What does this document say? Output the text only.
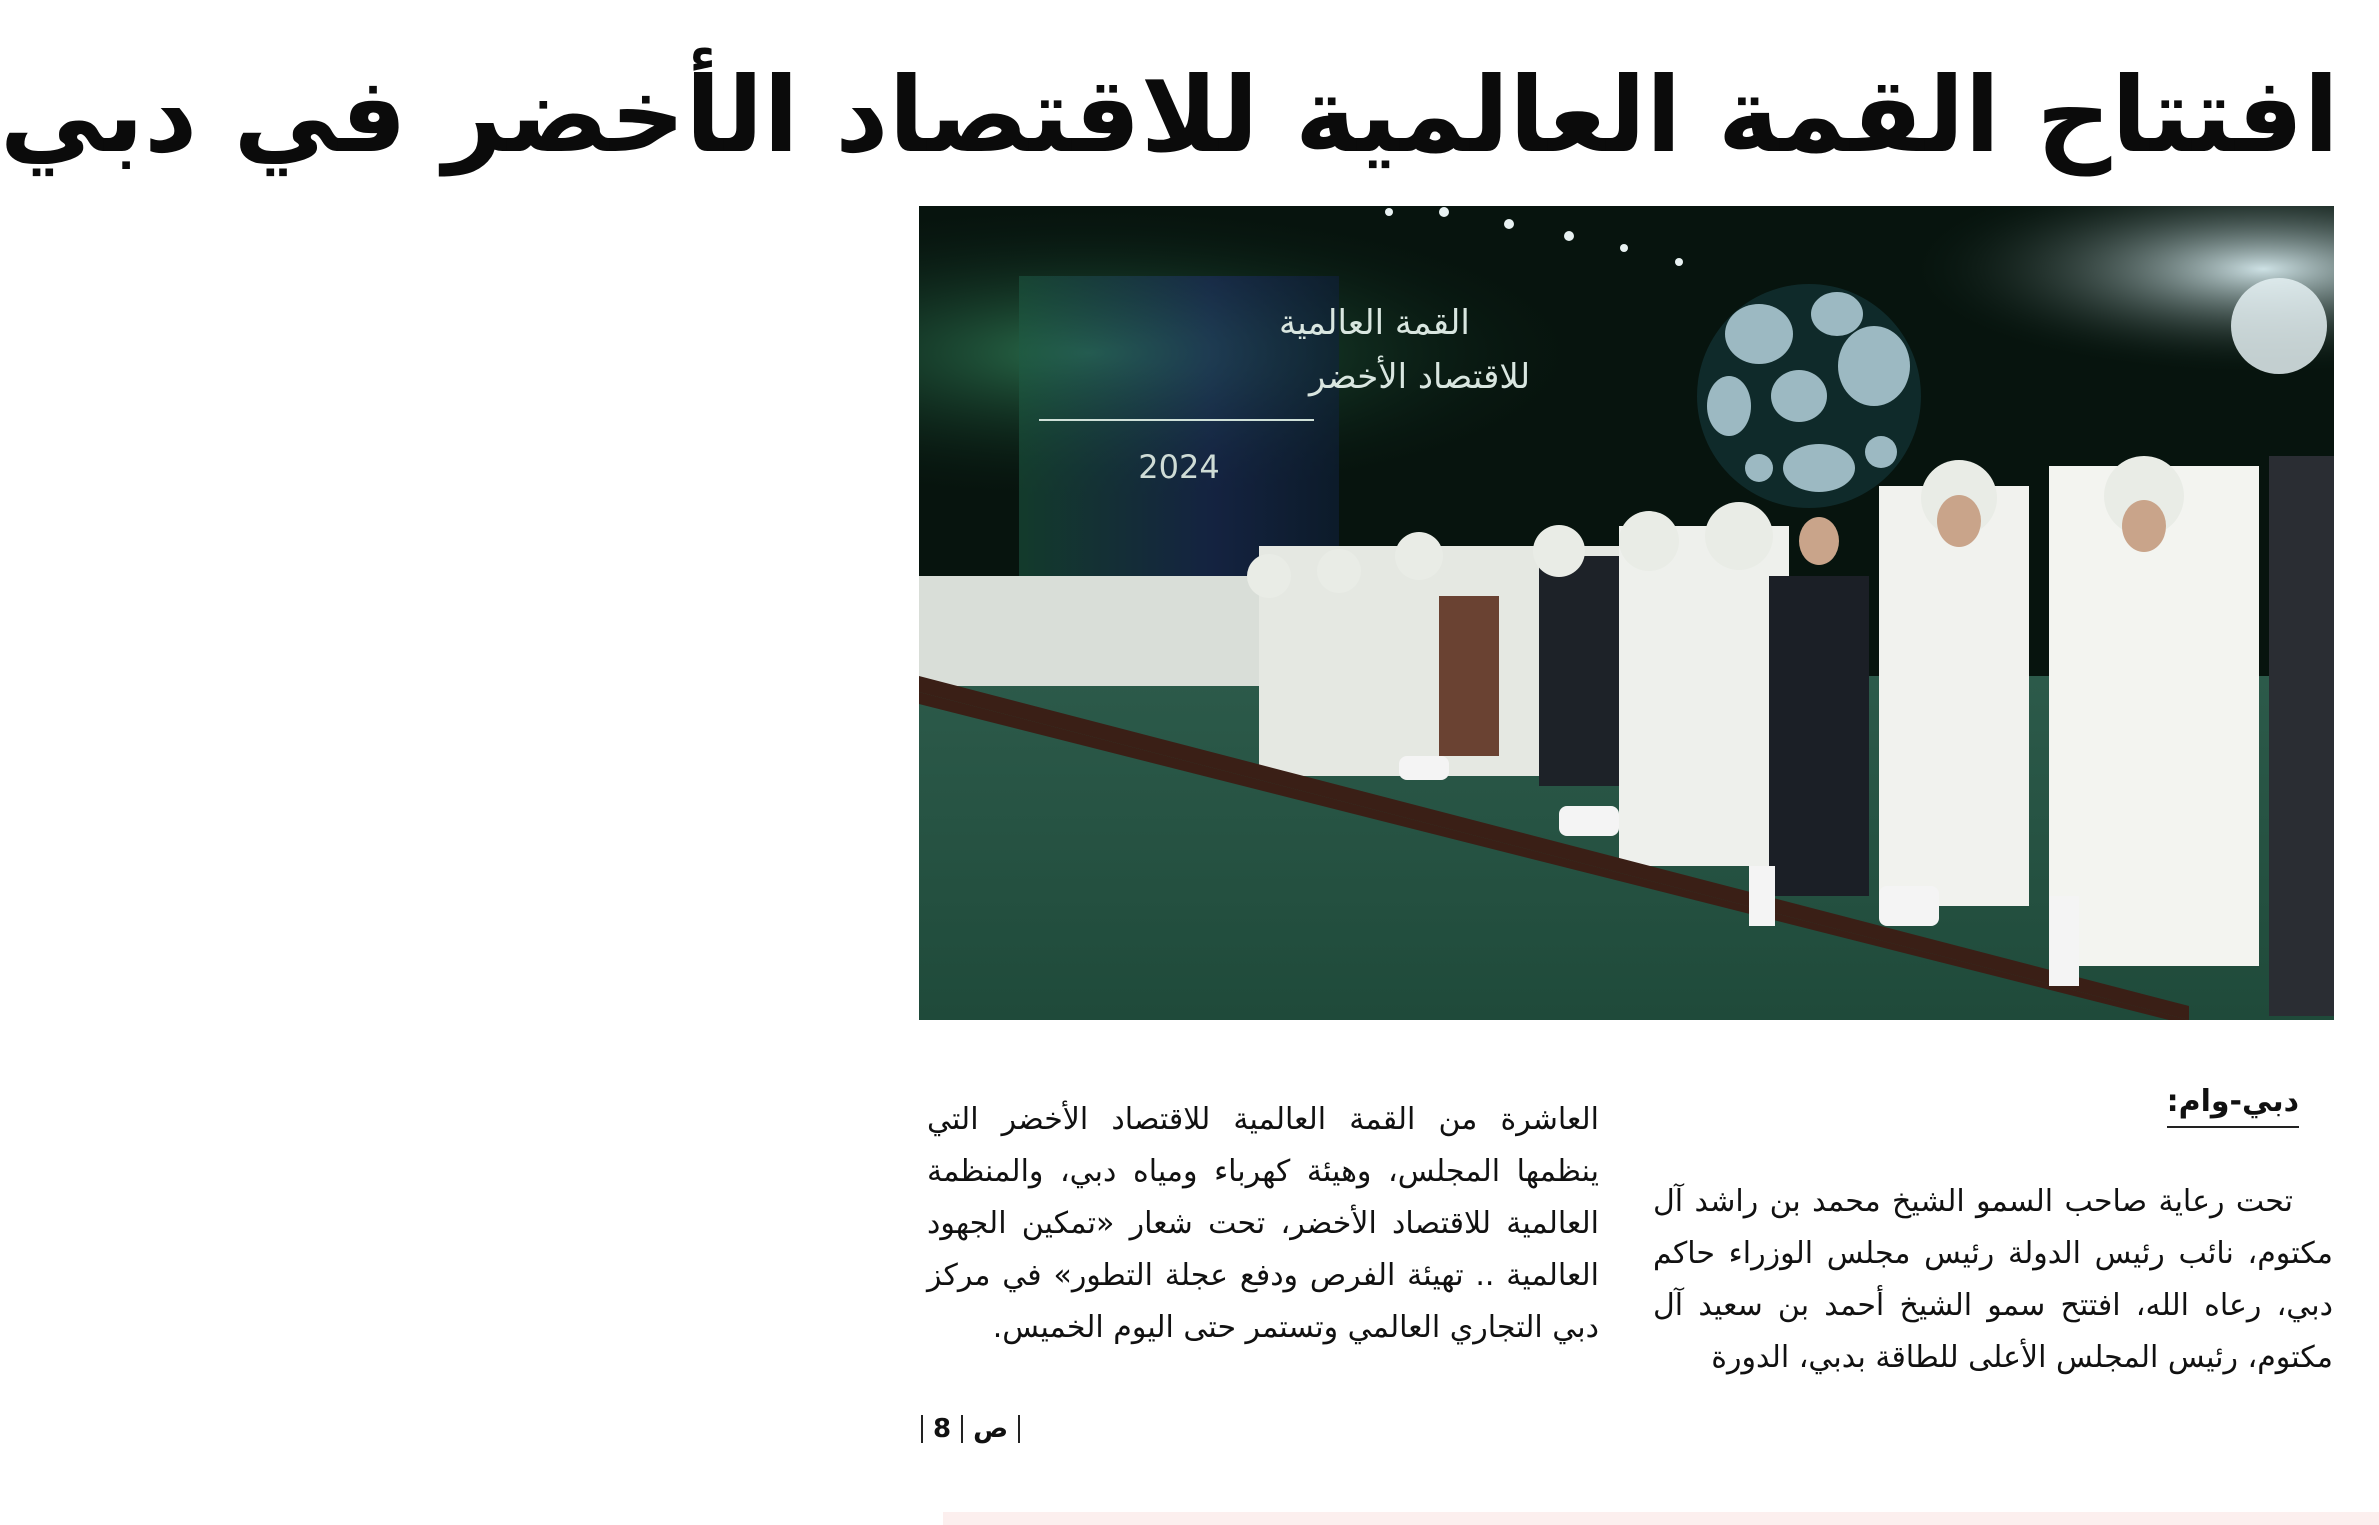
افتتاح القمة العالمية للاقتصاد الأخضر في دبي
القمة العالمية
للاقتصاد الأخضر
2024
دبي-وام:

تحت رعاية صاحب السمو الشيخ محمد بن راشد آل مكتوم، نائب رئيس الدولة رئيس مجلس الوزراء حاكم دبي، رعاه الله، افتتح سمو الشيخ أحمد بن سعيد آل مكتوم، رئيس المجلس الأعلى للطاقة بدبي، الدورة

العاشرة من القمة العالمية للاقتصاد الأخضر التي ينظمها المجلس، وهيئة كهرباء ومياه دبي، والمنظمة العالمية للاقتصاد الأخضر، تحت شعار «تمكين الجهود العالمية .. تهيئة الفرص ودفع عجلة التطور» في مركز دبي التجاري العالمي وتستمر حتى اليوم الخميس.

8 ص
